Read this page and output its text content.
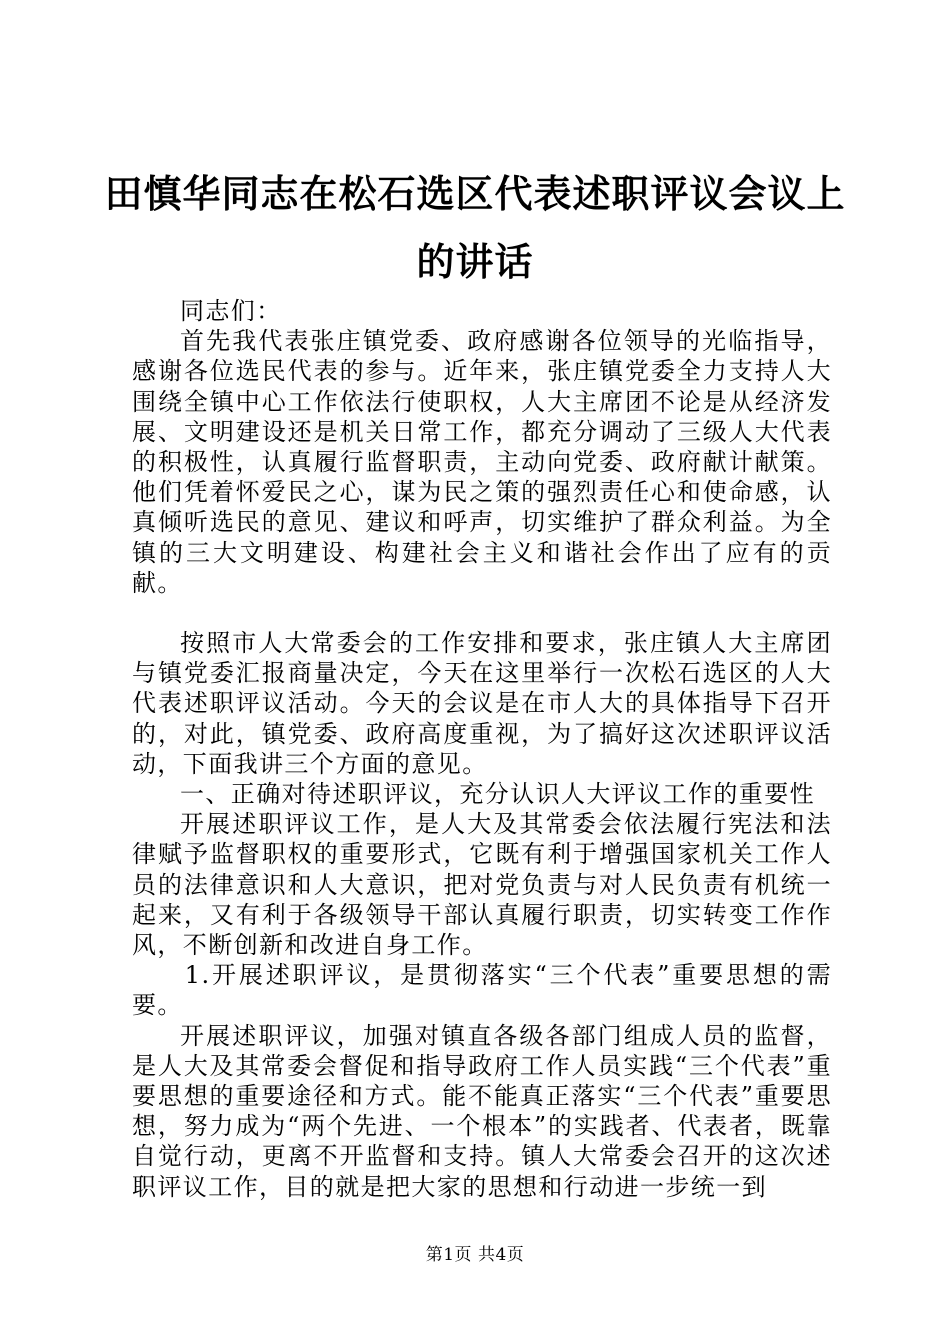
田慎华同志在松石选区代表述职评议会议上的讲话

同志们：

首先我代表张庄镇党委、政府感谢各位领导的光临指导，感谢各位选民代表的参与。近年来，张庄镇党委全力支持人大围绕全镇中心工作依法行使职权，人大主席团不论是从经济发展、文明建设还是机关日常工作，都充分调动了三级人大代表的积极性，认真履行监督职责，主动向党委、政府献计献策。他们凭着怀爱民之心，谋为民之策的强烈责任心和使命感，认真倾听选民的意见、建议和呼声，切实维护了群众利益。为全镇的三大文明建设、构建社会主义和谐社会作出了应有的贡献。

按照市人大常委会的工作安排和要求，张庄镇人大主席团与镇党委汇报商量决定，今天在这里举行一次松石选区的人大代表述职评议活动。今天的会议是在市人大的具体指导下召开的，对此，镇党委、政府高度重视，为了搞好这次述职评议活动，下面我讲三个方面的意见。

一、正确对待述职评议，充分认识人大评议工作的重要性

开展述职评议工作，是人大及其常委会依法履行宪法和法律赋予监督职权的重要形式，它既有利于增强国家机关工作人员的法律意识和人大意识，把对党负责与对人民负责有机统一起来，又有利于各级领导干部认真履行职责，切实转变工作作风，不断创新和改进自身工作。

1.开展述职评议，是贯彻落实“三个代表”重要思想的需要。

开展述职评议，加强对镇直各级各部门组成人员的监督，是人大及其常委会督促和指导政府工作人员实践“三个代表”重要思想的重要途径和方式。能不能真正落实“三个代表”重要思想，努力成为“两个先进、一个根本”的实践者、代表者，既靠自觉行动，更离不开监督和支持。镇人大常委会召开的这次述职评议工作，目的就是把大家的思想和行动进一步统一到

第1页 共4页
